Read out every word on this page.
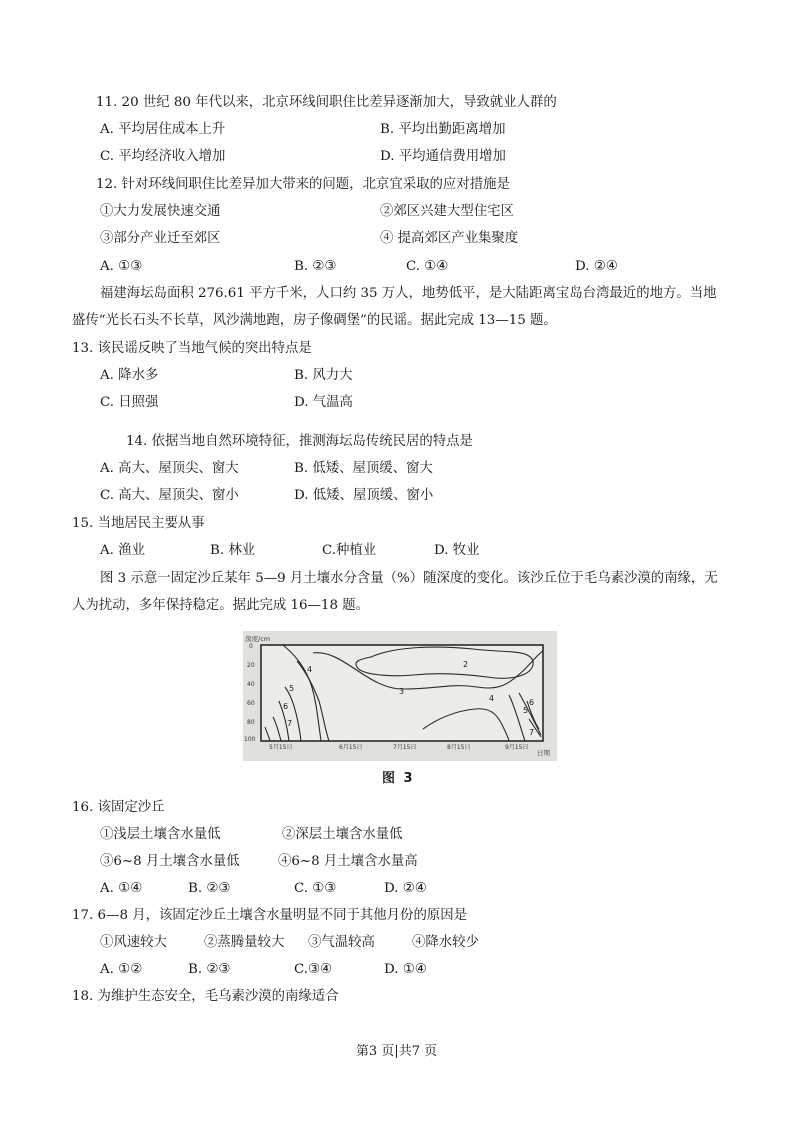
11. 20 世纪 80 年代以来，北京环线间职住比差异逐渐加大，导致就业人群的
A. 平均居住成本上升	B. 平均出勤距离增加
C. 平均经济收入增加	D. 平均通信费用增加
12. 针对环线间职住比差异加大带来的问题，北京宜采取的应对措施是
①大力发展快速交通	②郊区兴建大型住宅区
③部分产业迁至郊区	④ 提高郊区产业集聚度
A. ①③	B. ②③	C. ①④	D. ②④
福建海坛岛面积 276.61 平方千米，人口约 35 万人，地势低平，是大陆距离宝岛台湾最近的地方。当地
盛传“光长石头不长草，风沙满地跑，房子像碉堡”的民谣。据此完成 13—15 题。
13. 该民谣反映了当地气候的突出特点是
A. 降水多	B. 风力大
C. 日照强	D. 气温高
14. 依据当地自然环境特征，推测海坛岛传统民居的特点是
A. 高大、屋顶尖、窗大	B. 低矮、屋顶缓、窗大
C. 高大、屋顶尖、窗小	D. 低矮、屋顶缓、窗小
15. 当地居民主要从事
A. 渔业	B. 林业	C.种植业	D. 牧业
图 3 示意一固定沙丘某年 5—9 月土壤水分含量（%）随深度的变化。该沙丘位于毛乌素沙漠的南缘，无
人为扰动，多年保持稳定。据此完成 16—18 题。
深度/cm
日期
0
20
40
60
80
100
5月15日	6月15日	7月15日	8月15日	9月15日
2
3
4
5
6
7
4
5
6
7
图 3
16. 该固定沙丘
①浅层土壤含水量低	②深层土壤含水量低
③6~8 月土壤含水量低	④6~8 月土壤含水量高
A. ①④	B. ②③	C. ①③	D. ②④
17. 6—8 月，该固定沙丘土壤含水量明显不同于其他月份的原因是
①风速较大	②蒸腾量较大 ③气温较高	④降水较少
A. ①②	B. ②③	C.③④	D. ①④
18. 为维护生态安全，毛乌素沙漠的南缘适合
第3 页|共7 页
